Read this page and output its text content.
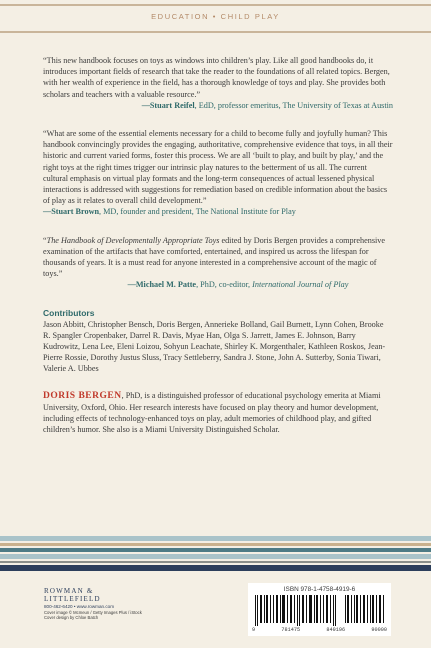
EDUCATION • CHILD PLAY

“This new handbook focuses on toys as windows into children’s play. Like all good handbooks do, it introduces important fields of research that take the reader to the foundations of all related topics. Bergen, with her wealth of experience in the field, has a thorough knowledge of toys and play. She provides both scholars and teachers with a valuable resource.”

—Stuart Reifel, EdD, professor emeritus, The University of Texas at Austin

“What are some of the essential elements necessary for a child to become fully and joyfully human? This handbook convincingly provides the engaging, authoritative, comprehensive evidence that toys, in all their historic and current varied forms, foster this process. We are all ‘built to play, and built by play,’ and the right toys at the right times trigger our intrinsic play natures to the betterment of us all. The current cultural emphasis on virtual play formats and the long-term consequences of actual lessened physical interactions is addressed with suggestions for remediation based on credible information about the basics of play as it relates to overall child development.”

—Stuart Brown, MD, founder and president, The National Institute for Play

“The Handbook of Developmentally Appropriate Toys edited by Doris Bergen provides a comprehensive examination of the artifacts that have comforted, entertained, and inspired us across the lifespan for thousands of years. It is a must read for anyone interested in a comprehensive account of the magic of toys.”

—Michael M. Patte, PhD, co-editor, International Journal of Play

Contributors

Jason Abbitt, Christopher Bensch, Doris Bergen, Annerieke Bolland, Gail Burnett, Lynn Cohen, Brooke R. Spangler Cropenbaker, Darrel R. Davis, Myae Han, Olga S. Jarrett, James E. Johnson, Barry Kudrowitz, Lena Lee, Eleni Loizou, Sohyun Leachate, Shirley K. Morgenthaler, Kathleen Roskos, Jean-Pierre Rossie, Dorothy Justus Sluss, Tracy Settleberry, Sandra J. Stone, John A. Sutterby, Sonia Tiwari, Valerie A. Ubbes

DORIS BERGEN, PhD, is a distinguished professor of educational psychology emerita at Miami University, Oxford, Ohio. Her research interests have focused on play theory and humor development, including effects of technology-enhanced toys on play, adult memories of childhood play, and gifted children’s humor. She also is a Miami University Distinguished Scholar.

ROWMAN &
LITTLEFIELD
800-462-6420 • www.rowman.com
Cover image © Mcmeun / Getty Images Plus / iStock
Cover design by Chloe Batch
ISBN 978-1-4758-4919-6
9	781475	849196	90000
